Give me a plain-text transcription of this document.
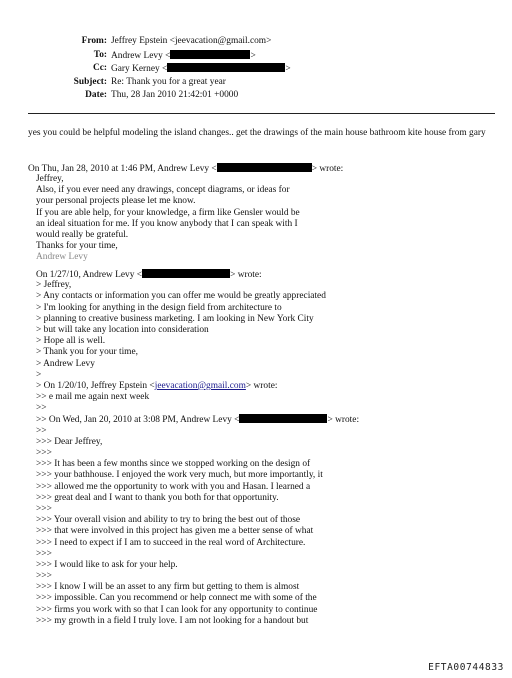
From: Jeffrey Epstein <jeevacation@gmail.com>
To: Andrew Levy <	>
Cc: Gary Kerney <	>
Subject: Re: Thank you for a great year
Date: Thu, 28 Jan 2010 21:42:01 +0000
yes you could be helpful modeling the island changes.. get the drawings of the main house bathroom kite house from gary
On Thu, Jan 28, 2010 at 1:46 PM, Andrew Levy <	> wrote:
Jeffrey,
Also, if you ever need any drawings, concept diagrams, or ideas for
your personal projects please let me know.
If you are able help, for your knowledge, a firm like Gensler would be
an ideal situation for me. If you know anybody that I can speak with I
would really be grateful.
Thanks for your time,
Andrew Levy
On 1/27/10, Andrew Levy <	> wrote:
> Jeffrey,
> Any contacts or information you can offer me would be greatly appreciated
> I'm looking for anything in the design field from architecture to
> planning to creative business marketing. I am looking in New York City
> but will take any location into consideration
> Hope all is well.
> Thank you for your time,
> Andrew Levy
>
> On 1/20/10, Jeffrey Epstein <jeevacation@gmail.com> wrote:
>> e mail me again next week
>>
>> On Wed, Jan 20, 2010 at 3:08 PM, Andrew Levy <	> wrote:
>>
>>> Dear Jeffrey,
>>>
>>> It has been a few months since we stopped working on the design of
>>> your bathhouse. I enjoyed the work very much, but more importantly, it
>>> allowed me the opportunity to work with you and Hasan. I learned a
>>> great deal and I want to thank you both for that opportunity.
>>>
>>> Your overall vision and ability to try to bring the best out of those
>>> that were involved in this project has given me a better sense of what
>>> I need to expect if I am to succeed in the real word of Architecture.
>>>
>>> I would like to ask for your help.
>>>
>>> I know I will be an asset to any firm but getting to them is almost
>>> impossible. Can you recommend or help connect me with some of the
>>> firms you work with so that I can look for any opportunity to continue
>>> my growth in a field I truly love. I am not looking for a handout but
EFTA00744833
